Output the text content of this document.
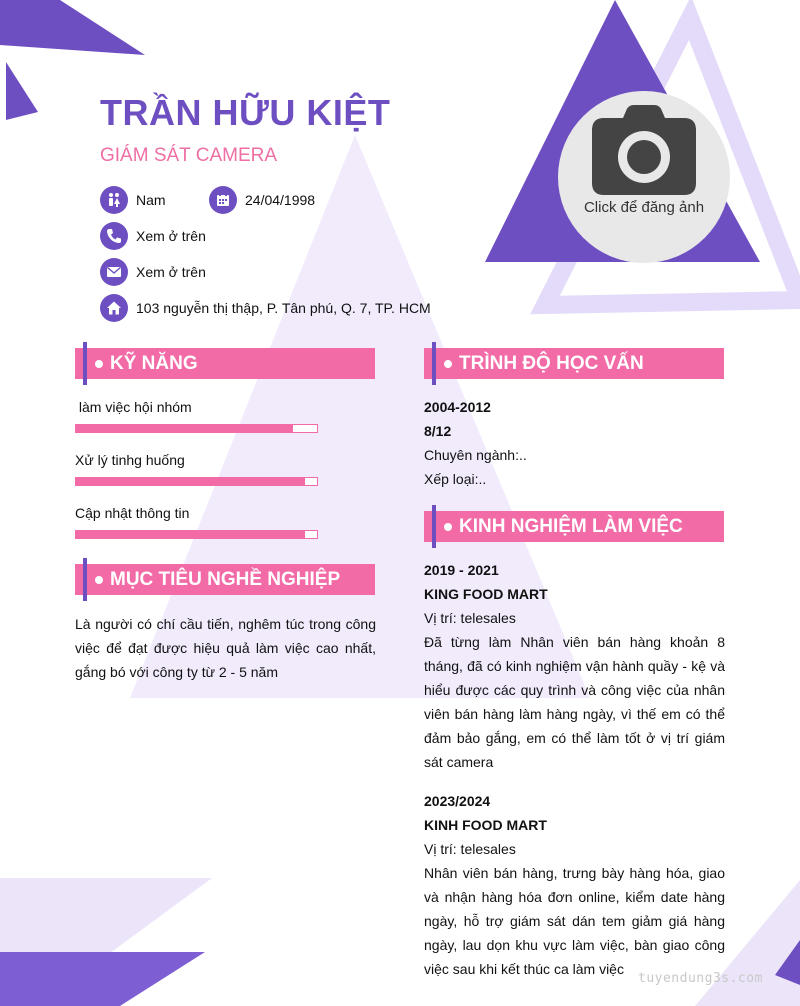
TRẦN HỮU KIỆT
GIÁM SÁT CAMERA
Nam	24/04/1998
Xem ở trên
Xem ở trên
103 nguyễn thị thập, P. Tân phú, Q. 7, TP. HCM
Click để đăng ảnh
KỸ NĂNG
làm việc hội nhóm
Xử lý tinhg huống
Cập nhật thông tin
MỤC TIÊU NGHỀ NGHIỆP
Là người có chí cầu tiến, nghêm túc trong công việc để đạt được hiệu quả làm việc cao nhất, gắng bó với công ty từ 2 - 5 năm
TRÌNH ĐỘ HỌC VẤN
2004-2012
8/12
Chuyên ngành:..
Xếp loại:..
KINH NGHIỆM LÀM VIỆC
2019 - 2021
KING FOOD MART
Vị trí: telesales
Đã từng làm Nhân viên bán hàng khoản 8 tháng, đã có kinh nghiệm vận hành quầy - kệ và hiểu được các quy trình và công việc của nhân viên bán hàng làm hàng ngày, vì thế em có thể đảm bảo gắng, em có thể làm tốt ở vị trí giám sát camera
2023/2024
KINH FOOD MART
Vị trí: telesales
Nhân viên bán hàng, trưng bày hàng hóa, giao và nhận hàng hóa đơn online, kiểm date hàng ngày, hỗ trợ giám sát dán tem giảm giá hàng ngày, lau dọn khu vực làm việc, bàn giao công việc sau khi kết thúc ca làm việc
tuyendung3s.com
